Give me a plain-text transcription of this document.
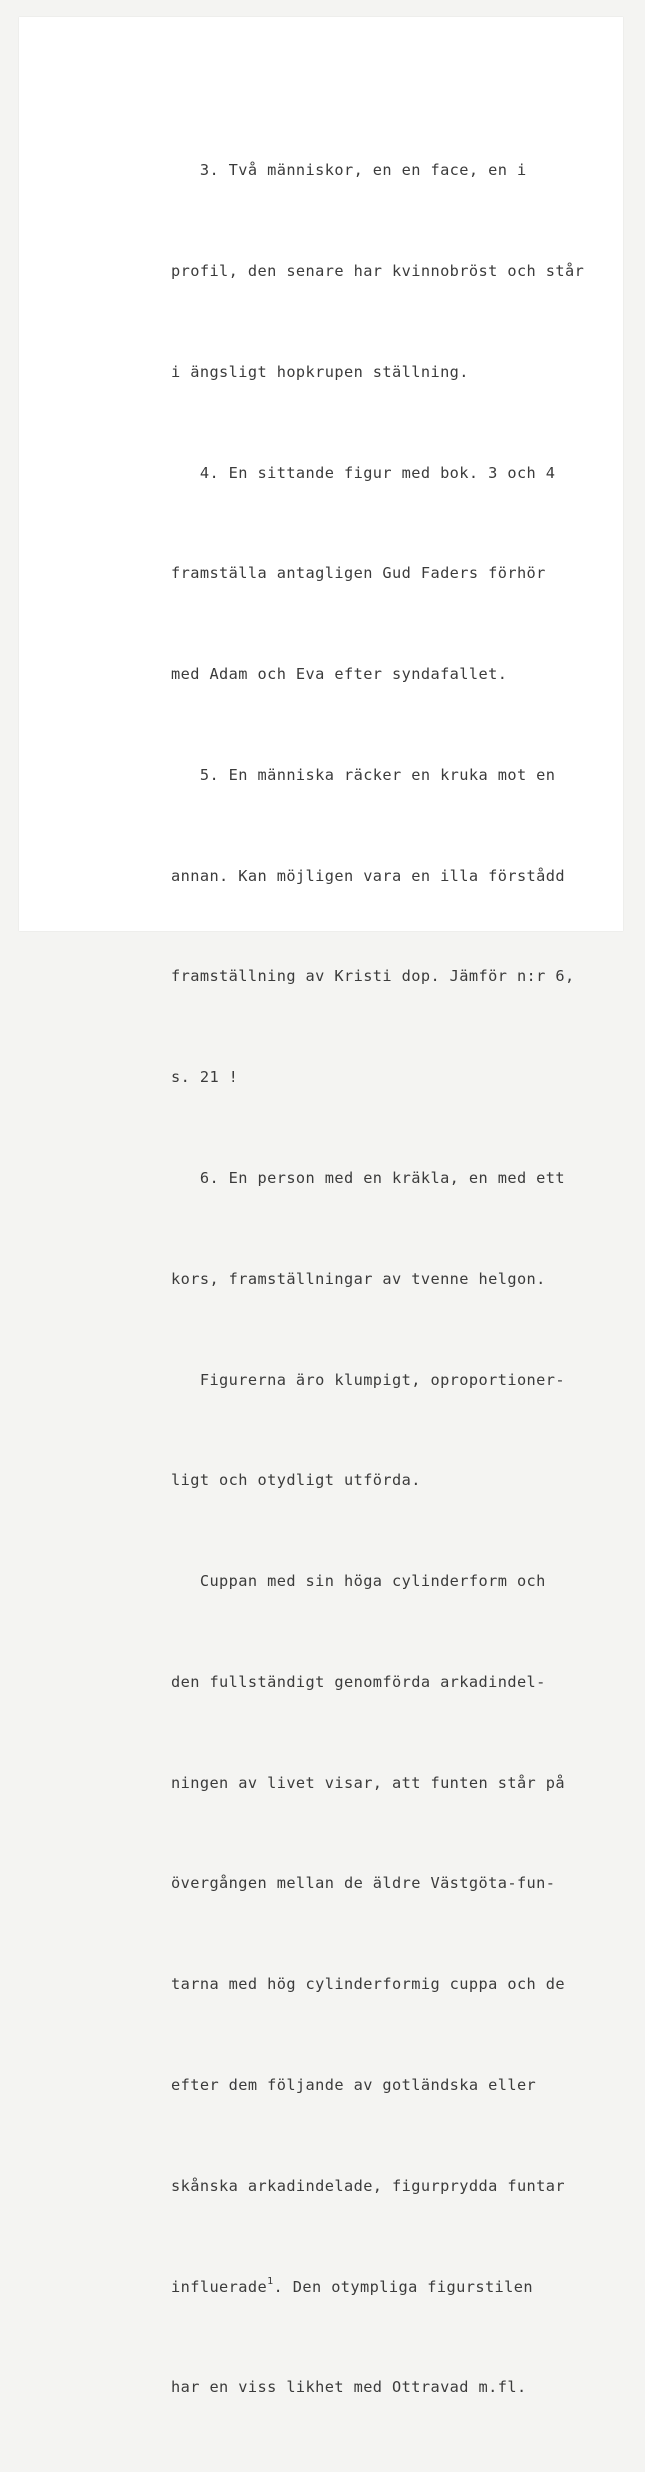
3. Två människor, en en face, en i

profil, den senare har kvinnobröst och står

i ängsligt hopkrupen ställning.

4. En sittande figur med bok. 3 och 4

framställa antagligen Gud Faders förhör

med Adam och Eva efter syndafallet.

5. En människa räcker en kruka mot en

annan. Kan möjligen vara en illa förstådd

framställning av Kristi dop. Jämför n:r 6,

s. 21 !

6. En person med en kräkla, en med ett

kors, framställningar av tvenne helgon.

Figurerna äro klumpigt, oproportioner-

ligt och otydligt utförda.

Cuppan med sin höga cylinderform och

den fullständigt genomförda arkadindel-

ningen av livet visar, att funten står på

övergången mellan de äldre Västgöta-fun-

tarna med hög cylinderformig cuppa och de

efter dem följande av gotländska eller

skånska arkadindelade, figurprydda funtar

influerade$^1$. Den otympliga figurstilen

har en viss likhet med Ottravad m.fl.
